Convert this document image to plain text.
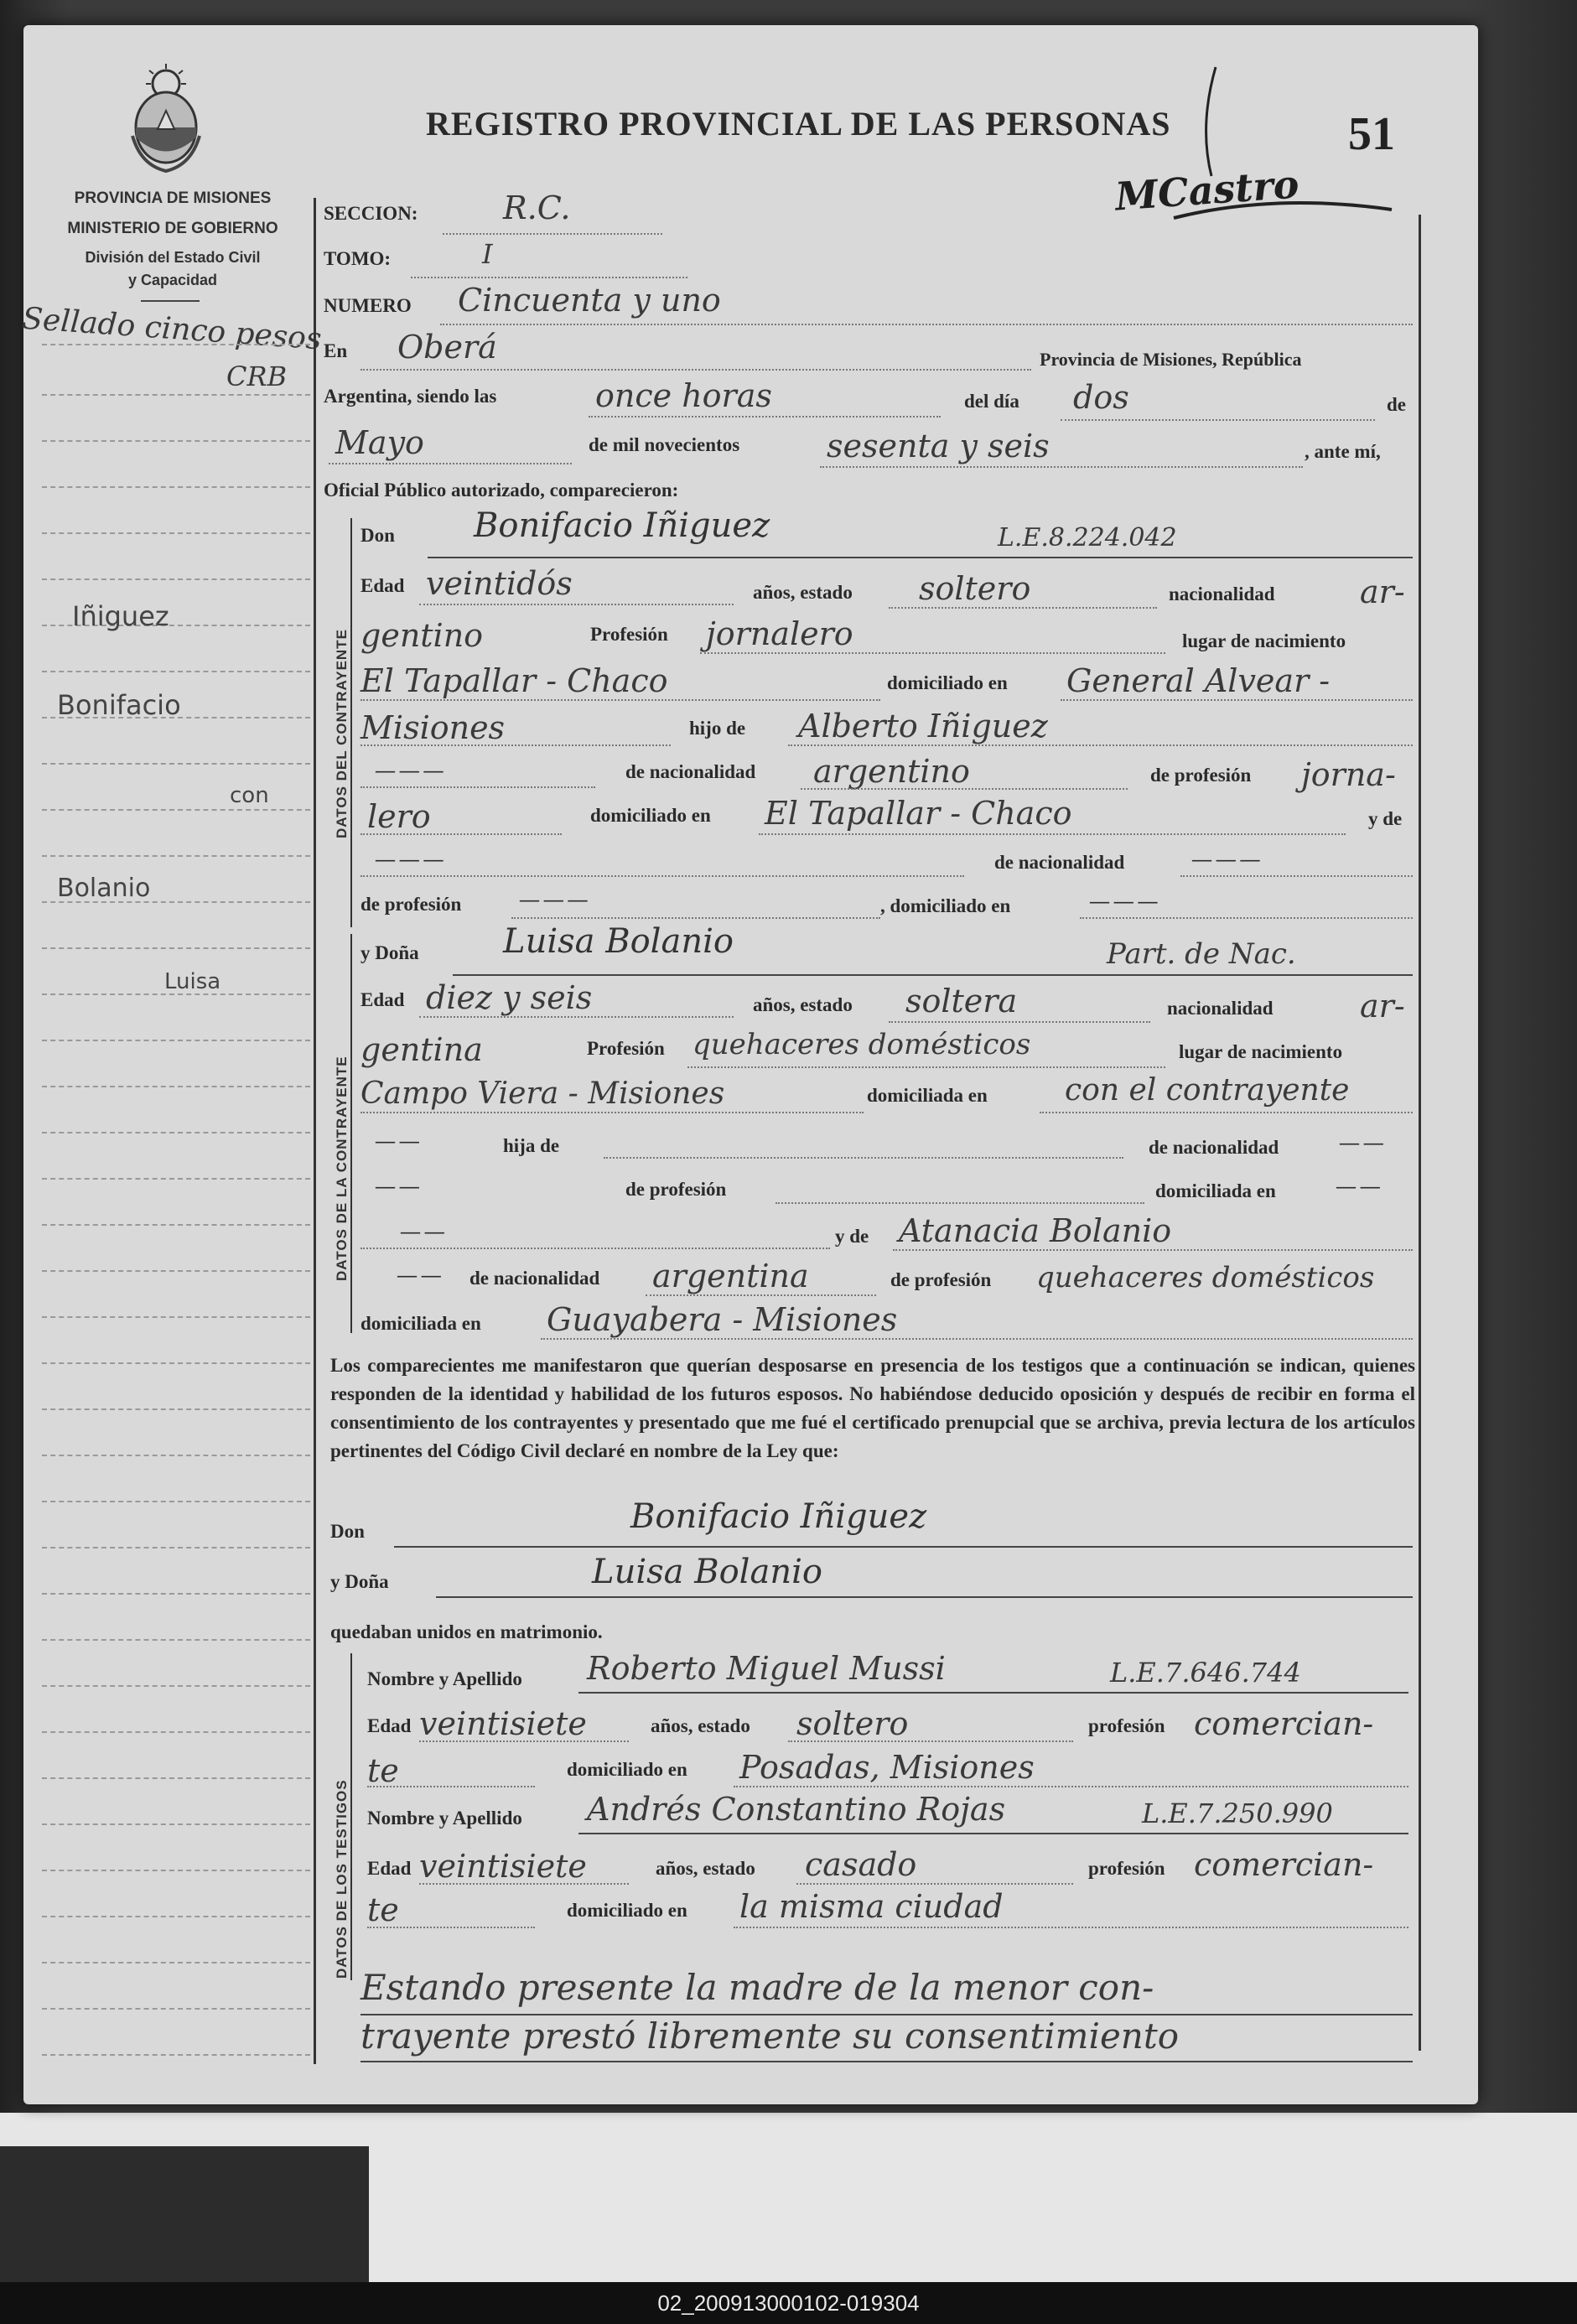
PROVINCIA DE MISIONES
MINISTERIO DE GOBIERNO
División del Estado Civil
y Capacidad
Sellado cinco pesos
CRB
Iñiguez
Bonifacio
con
Bolanio
Luisa
REGISTRO PROVINCIAL DE LAS PERSONAS	51
MCastro
SECCION:	R.C.
TOMO:	I
NUMERO Cincuenta y uno
En Oberá	Provincia de Misiones, República
Argentina, siendo las	once horas	del día dos	de
Mayo	de mil novecientos	sesenta y seis	, ante mí,
Oficial Público autorizado, comparecieron:
DATOS DEL CONTRAYENTE
Don Bonifacio Iñiguez	L.E.8.224.042
Edad veintidós	años, estado soltero	nacionalidad	ar-
gentino	Profesión jornalero	lugar de nacimiento
El Tapallar - Chaco	domiciliado en General Alvear -
Misiones	hijo de Alberto Iñiguez
— — —	de nacionalidad argentino	de profesión jorna-
lero	domiciliado en El Tapallar - Chaco	y de
— — —	de nacionalidad	— — —
de profesión	— — —	, domiciliado en	— — —
DATOS DE LA CONTRAYENTE
y Doña	Luisa Bolanio	Part. de Nac.
Edad diez y seis	años, estado soltera	nacionalidad	ar-
gentina	Profesión quehaceres domésticos	lugar de nacimiento
Campo Viera - Misiones	domiciliada en	con el contrayente
— —	hija de	de nacionalidad	— —
— —	de profesión	domiciliada en	— —
— —	y de Atanacia Bolanio
— — de nacionalidad argentina	de profesión quehaceres domésticos
domiciliada en Guayabera - Misiones
Los comparecientes me manifestaron que querían desposarse en presencia de los testigos que a continuación se indican, quienes responden de la identidad y habilidad de los futuros esposos. No habiéndose deducido oposición y después de recibir en forma el consentimiento de los contrayentes y presentado que me fué el certificado prenupcial que se archiva, previa lectura de los artículos pertinentes del Código Civil declaré en nombre de la Ley que:
Don	Bonifacio Iñiguez
y Doña	Luisa Bolanio
quedaban unidos en matrimonio.
DATOS DE LOS TESTIGOS
Nombre y Apellido Roberto Miguel Mussi	L.E.7.646.744
Edad veintisiete	años, estado soltero	profesión comercian-
te	domiciliado en Posadas, Misiones
Nombre y Apellido Andrés Constantino Rojas	L.E.7.250.990
Edad veintisiete	años, estado casado	profesión comercian-
te	domiciliado en la misma ciudad
Estando presente la madre de la menor con-
trayente prestó libremente su consentimiento
02_200913000102-019304
